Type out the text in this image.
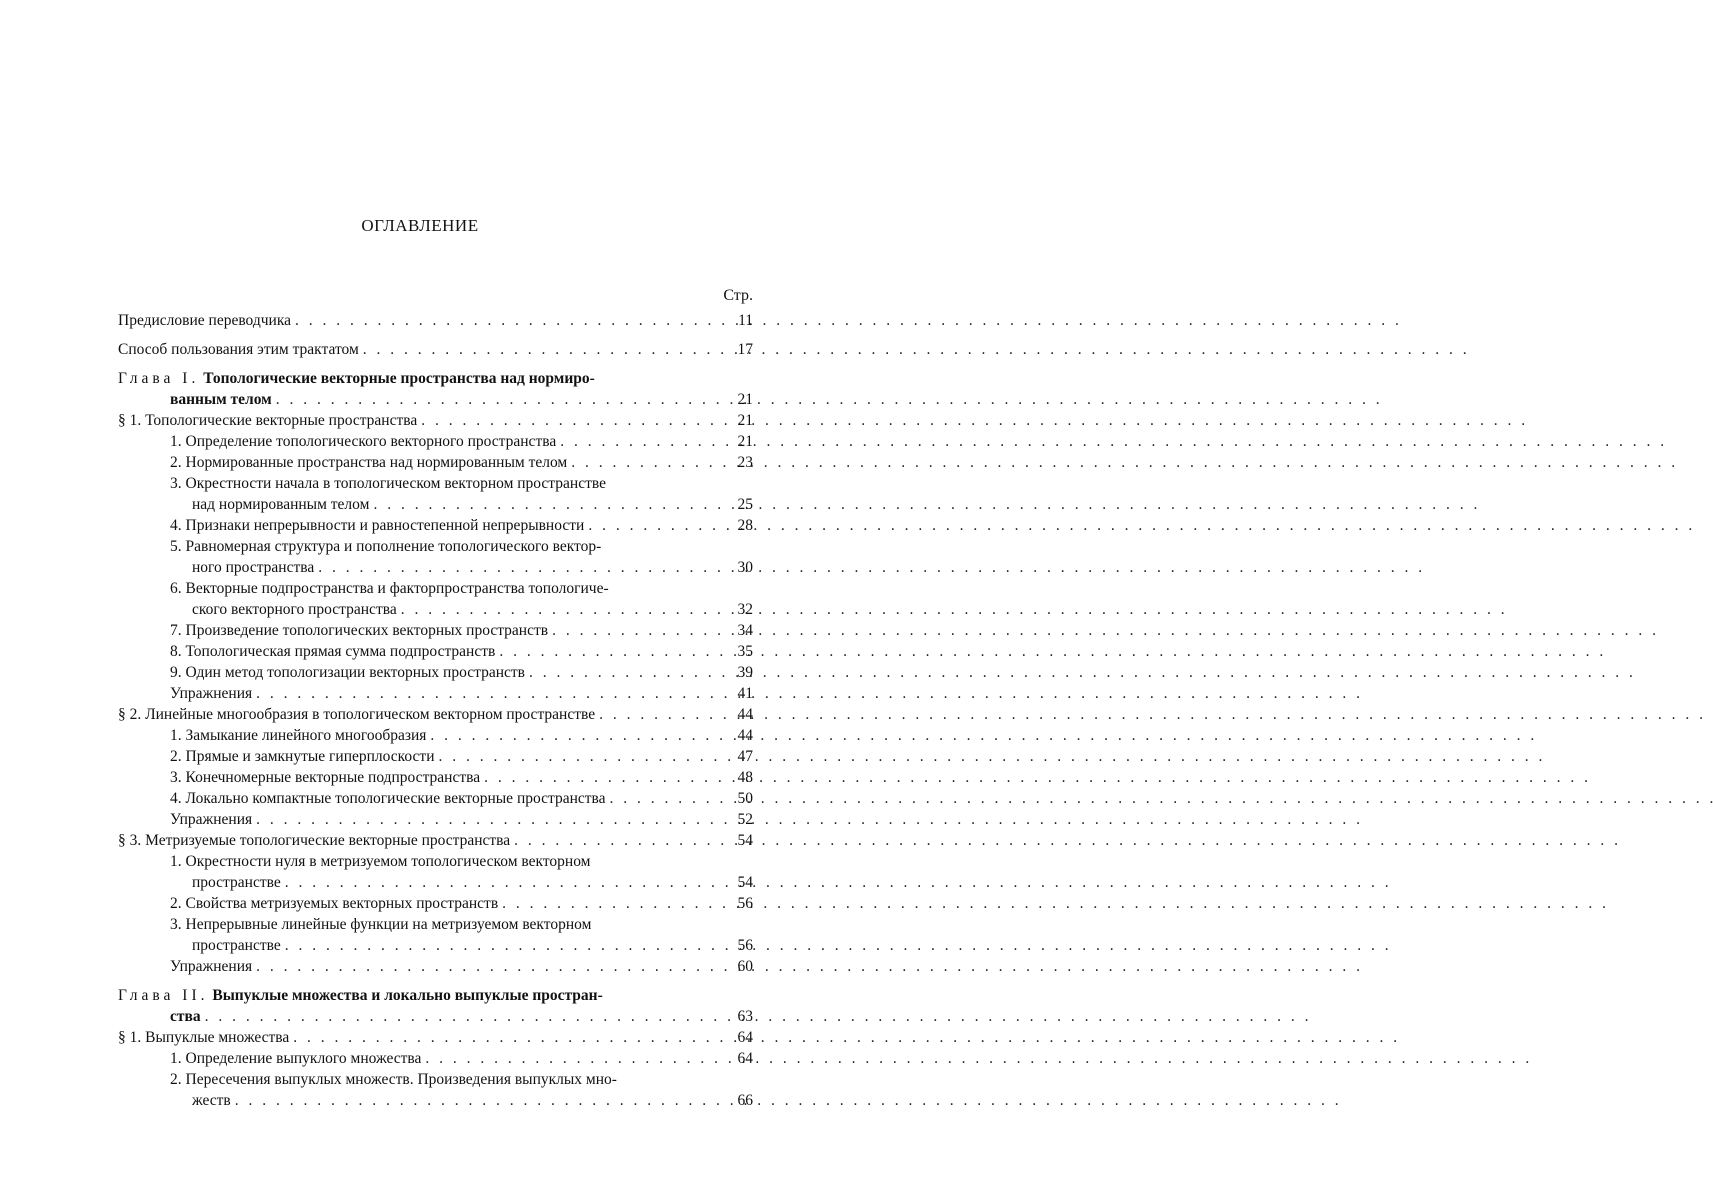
ОГЛАВЛЕНИЕ
Стр.
Предисловие переводчика . . .	11
Способ пользования этим трактатом . . .	17
Глава I. Топологические векторные пространства над нормиро-
ванным телом . . .	21
§ 1. Топологические векторные пространства . . .	21
1. Определение топологического векторного пространства . . .	21
2. Нормированные пространства над нормированным телом . . .	23
3. Окрестности начала в топологическом векторном пространстве
над нормированным телом . . .	25
4. Признаки непрерывности и равностепенной непрерывности . . .	28
5. Равномерная структура и пополнение топологического вектор-
ного пространства . . .	30
6. Векторные подпространства и факторпространства топологиче-
ского векторного пространства . . .	32
7. Произведение топологических векторных пространств . . .	34
8. Топологическая прямая сумма подпространств . . .	35
9. Один метод топологизации векторных пространств . . .	39
Упражнения . . .	41
§ 2. Линейные многообразия в топологическом векторном пространстве . . .	44
1. Замыкание линейного многообразия . . .	44
2. Прямые и замкнутые гиперплоскости . . .	47
3. Конечномерные векторные подпространства . . .	48
4. Локально компактные топологические векторные пространства . . .	50
Упражнения . . .	52
§ 3. Метризуемые топологические векторные пространства . . .	54
1. Окрестности нуля в метризуемом топологическом векторном
пространстве . . .	54
2. Свойства метризуемых векторных пространств . . .	56
3. Непрерывные линейные функции на метризуемом векторном
пространстве . . .	56
Упражнения . . .	60
Глава II. Выпуклые множества и локально выпуклые простран-
ства . . .	63
§ 1. Выпуклые множества . . .	64
1. Определение выпуклого множества . . .	64
2. Пересечения выпуклых множеств. Произведения выпуклых мно-
жеств . . .	66
